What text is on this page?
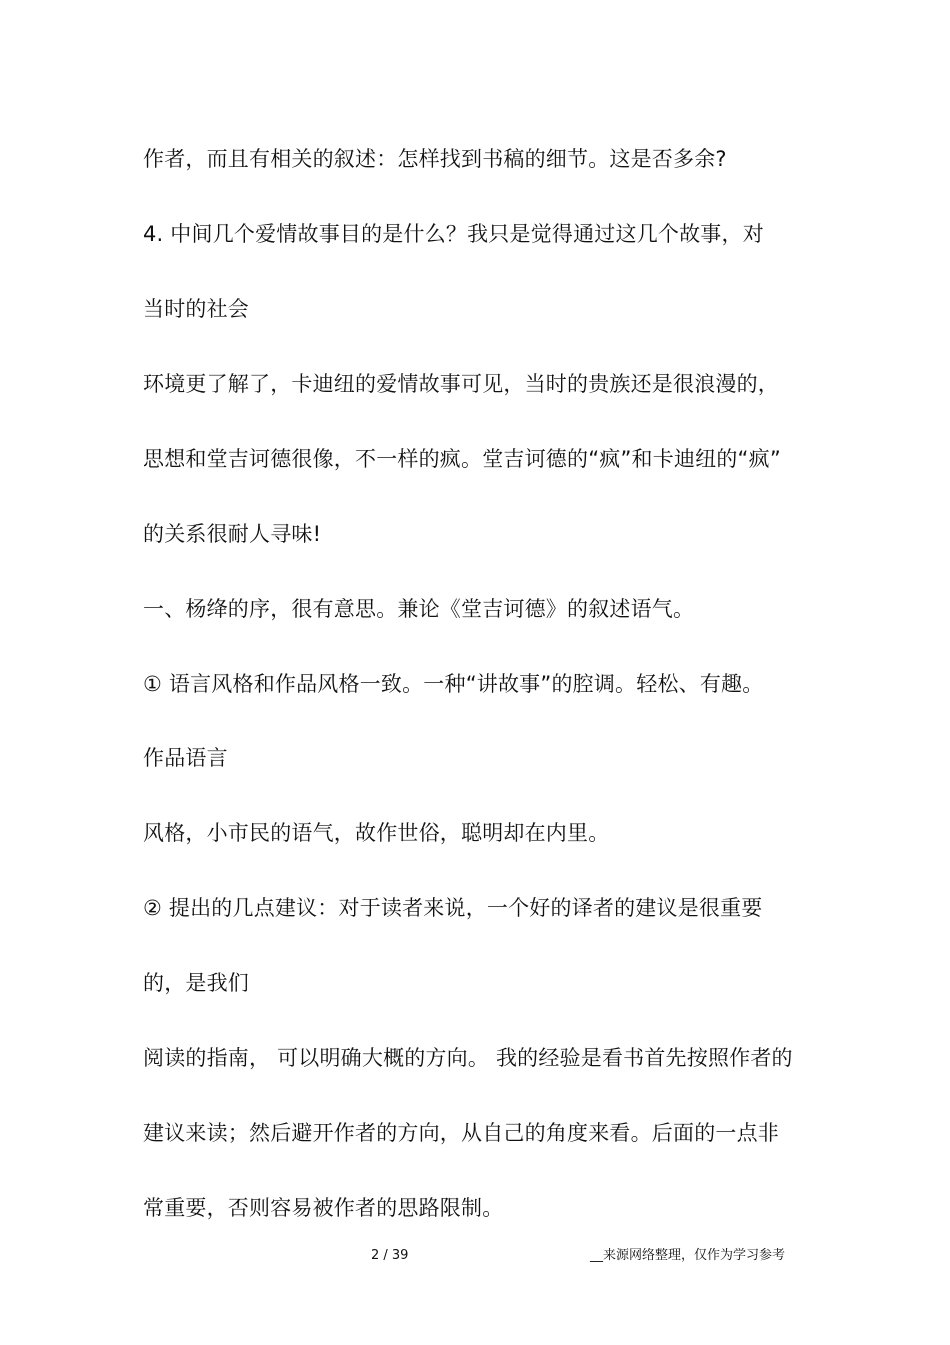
作者，而且有相关的叙述：怎样找到书稿的细节。这是否多余?
4. 中间几个爱情故事目的是什么？我只是觉得通过这几个故事，对
当时的社会
环境更了解了，卡迪纽的爱情故事可见，当时的贵族还是很浪漫的，
思想和堂吉诃德很像，不一样的疯。堂吉诃德的“疯”和卡迪纽的“疯”
的关系很耐人寻味!
一、杨绛的序，很有意思。兼论《堂吉诃德》的叙述语气。
① 语言风格和作品风格一致。一种“讲故事”的腔调。轻松、有趣。
作品语言
风格，小市民的语气，故作世俗，聪明却在内里。
② 提出的几点建议：对于读者来说，一个好的译者的建议是很重要
的，是我们
阅读的指南， 可以明确大概的方向。 我的经验是看书首先按照作者的
建议来读；然后避开作者的方向，从自己的角度来看。后面的一点非
常重要，否则容易被作者的思路限制。
2 / 39	__来源网络整理，仅作为学习参考
